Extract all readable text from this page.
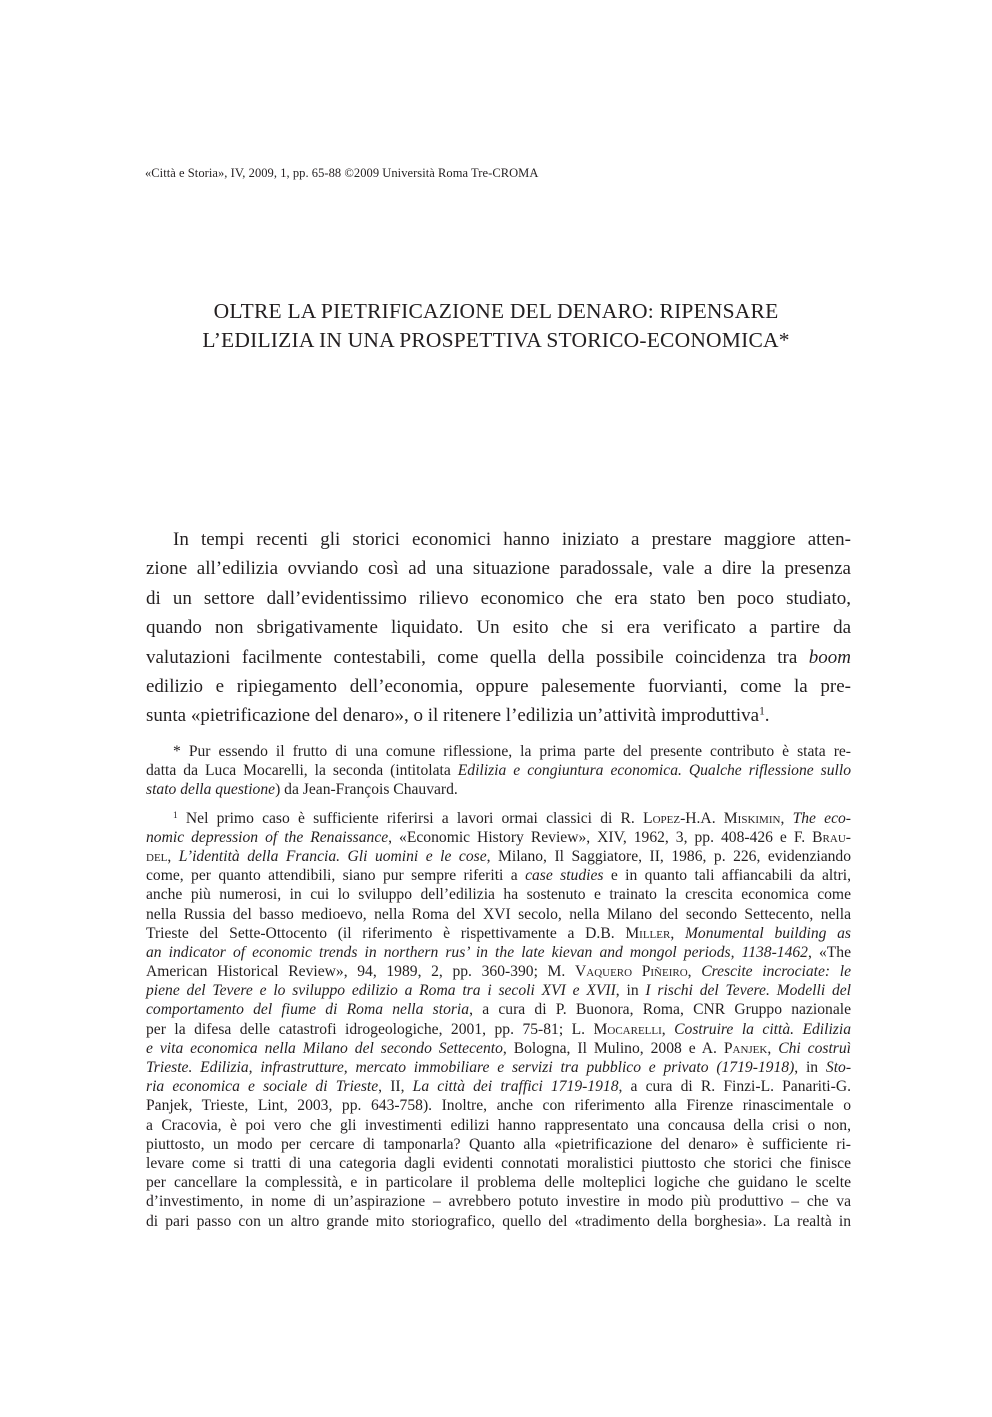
«Città e Storia», IV, 2009, 1, pp. 65-88 ©2009 Università Roma Tre-CROMA
OLTRE LA PIETRIFICAZIONE DEL DENARO: RIPENSARE
L’EDILIZIA IN UNA PROSPETTIVA STORICO-ECONOMICA*
In tempi recenti gli storici economici hanno iniziato a prestare maggiore atten-
zione all’edilizia ovviando così ad una situazione paradossale, vale a dire la presenza
di un settore dall’evidentissimo rilievo economico che era stato ben poco studiato,
quando non sbrigativamente liquidato. Un esito che si era verificato a partire da
valutazioni facilmente contestabili, come quella della possibile coincidenza tra boom
edilizio e ripiegamento dell’economia, oppure palesemente fuorvianti, come la pre-
sunta «pietrificazione del denaro», o il ritenere l’edilizia un’attività improduttiva$^1$.
* Pur essendo il frutto di una comune riflessione, la prima parte del presente contributo è stata re-
datta da Luca Mocarelli, la seconda (intitolata Edilizia e congiuntura economica. Qualche riflessione sullo
stato della questione) da Jean-François Chauvard.
$^1$ Nel primo caso è sufficiente riferirsi a lavori ormai classici di R. Lopez-H.A. Miskimin, The eco-
nomic depression of the Renaissance, «Economic History Review», XIV, 1962, 3, pp. 408-426 e F. Brau-
del, L’identità della Francia. Gli uomini e le cose, Milano, Il Saggiatore, II, 1986, p. 226, evidenziando
come, per quanto attendibili, siano pur sempre riferiti a case studies e in quanto tali affiancabili da altri,
anche più numerosi, in cui lo sviluppo dell’edilizia ha sostenuto e trainato la crescita economica come
nella Russia del basso medioevo, nella Roma del XVI secolo, nella Milano del secondo Settecento, nella
Trieste del Sette-Ottocento (il riferimento è rispettivamente a D.B. Miller, Monumental building as
an indicator of economic trends in northern rus’ in the late kievan and mongol periods, 1138-1462, «The
American Historical Review», 94, 1989, 2, pp. 360-390; M. Vaquero Piñeiro, Crescite incrociate: le
piene del Tevere e lo sviluppo edilizio a Roma tra i secoli XVI e XVII, in I rischi del Tevere. Modelli del
comportamento del fiume di Roma nella storia, a cura di P. Buonora, Roma, CNR Gruppo nazionale
per la difesa delle catastrofi idrogeologiche, 2001, pp. 75-81; L. Mocarelli, Costruire la città. Edilizia
e vita economica nella Milano del secondo Settecento, Bologna, Il Mulino, 2008 e A. Panjek, Chi costruì
Trieste. Edilizia, infrastrutture, mercato immobiliare e servizi tra pubblico e privato (1719-1918), in Sto-
ria economica e sociale di Trieste, II, La città dei traffici 1719-1918, a cura di R. Finzi-L. Panariti-G.
Panjek, Trieste, Lint, 2003, pp. 643-758). Inoltre, anche con riferimento alla Firenze rinascimentale o
a Cracovia, è poi vero che gli investimenti edilizi hanno rappresentato una concausa della crisi o non,
piuttosto, un modo per cercare di tamponarla? Quanto alla «pietrificazione del denaro» è sufficiente ri-
levare come si tratti di una categoria dagli evidenti connotati moralistici piuttosto che storici che finisce
per cancellare la complessità, e in particolare il problema delle molteplici logiche che guidano le scelte
d’investimento, in nome di un’aspirazione – avrebbero potuto investire in modo più produttivo – che va
di pari passo con un altro grande mito storiografico, quello del «tradimento della borghesia». La realtà in
